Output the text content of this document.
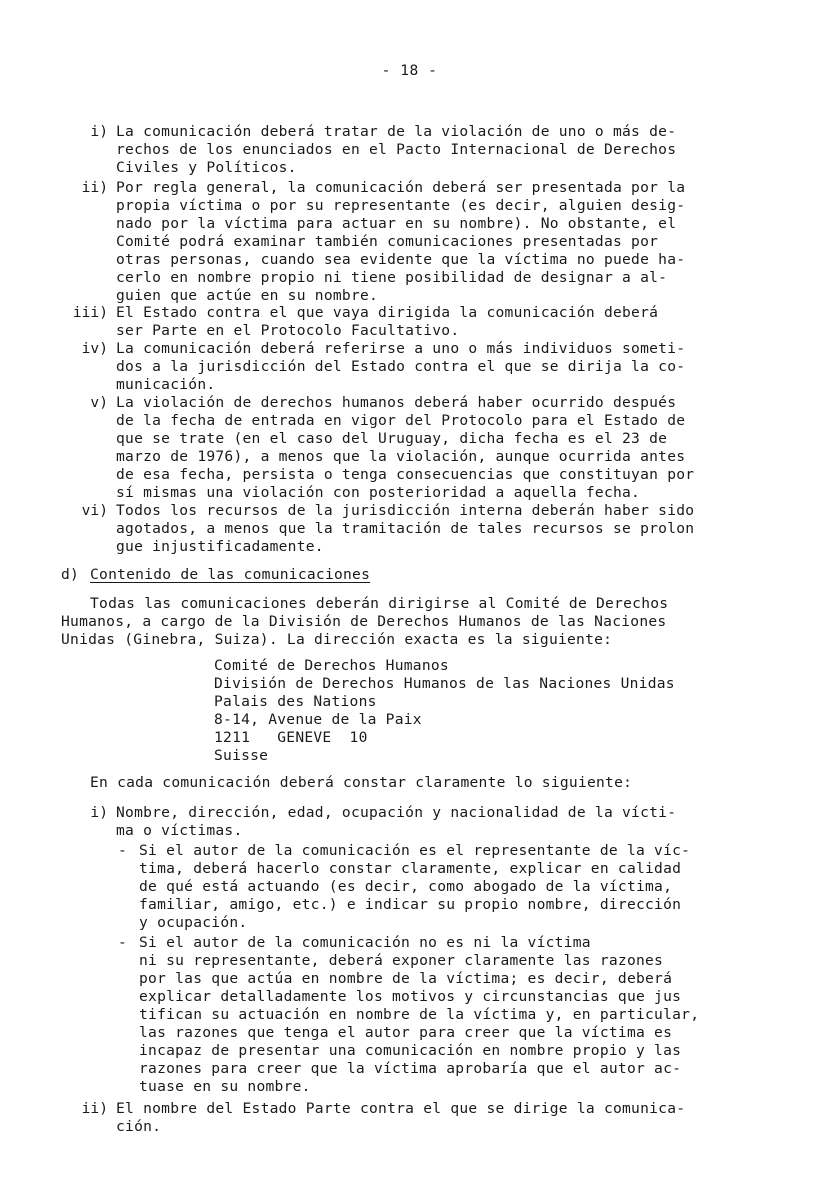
- 18 -
i) La comunicación deberá tratar de la violación de uno o más de-
rechos de los enunciados en el Pacto Internacional de Derechos
Civiles y Políticos.
ii) Por regla general, la comunicación deberá ser presentada por la
propia víctima o por su representante (es decir, alguien desig-
nado por la víctima para actuar en su nombre). No obstante, el
Comité podrá examinar también comunicaciones presentadas por
otras personas, cuando sea evidente que la víctima no puede ha-
cerlo en nombre propio ni tiene posibilidad de designar a al-
guien que actúe en su nombre.
iii) El Estado contra el que vaya dirigida la comunicación deberá
ser Parte en el Protocolo Facultativo.
iv) La comunicación deberá referirse a uno o más individuos someti-
dos a la jurisdicción del Estado contra el que se dirija la co-
municación.
v) La violación de derechos humanos deberá haber ocurrido después
de la fecha de entrada en vigor del Protocolo para el Estado de
que se trate (en el caso del Uruguay, dicha fecha es el 23 de
marzo de 1976), a menos que la violación, aunque ocurrida antes
de esa fecha, persista o tenga consecuencias que constituyan por
sí mismas una violación con posterioridad a aquella fecha.
vi) Todos los recursos de la jurisdicción interna deberán haber sido
agotados, a menos que la tramitación de tales recursos se prolon
gue injustificadamente.
d) Contenido de las comunicaciones
Todas las comunicaciones deberán dirigirse al Comité de Derechos
Humanos, a cargo de la División de Derechos Humanos de las Naciones
Unidas (Ginebra, Suiza). La dirección exacta es la siguiente:
Comité de Derechos Humanos
División de Derechos Humanos de las Naciones Unidas
Palais des Nations
8-14, Avenue de la Paix
1211   GENEVE  10
Suisse
En cada comunicación deberá constar claramente lo siguiente:
i) Nombre, dirección, edad, ocupación y nacionalidad de la vícti-
ma o víctimas.
- Si el autor de la comunicación es el representante de la víc-
tima, deberá hacerlo constar claramente, explicar en calidad
de qué está actuando (es decir, como abogado de la víctima,
familiar, amigo, etc.) e indicar su propio nombre, dirección
y ocupación.
- Si el autor de la comunicación no es ni la víctima
ni su representante, deberá exponer claramente las razones
por las que actúa en nombre de la víctima; es decir, deberá
explicar detalladamente los motivos y circunstancias que jus
tifican su actuación en nombre de la víctima y, en particular,
las razones que tenga el autor para creer que la víctima es
incapaz de presentar una comunicación en nombre propio y las
razones para creer que la víctima aprobaría que el autor ac-
tuase en su nombre.
ii) El nombre del Estado Parte contra el que se dirige la comunica-
ción.
